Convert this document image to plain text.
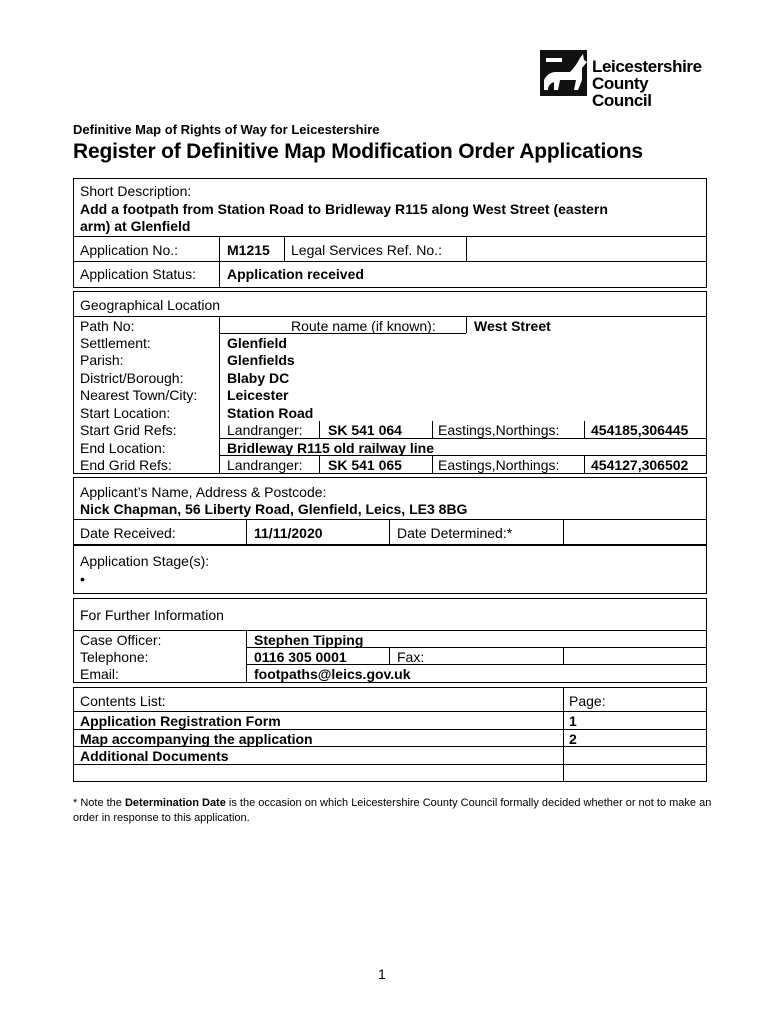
Leicestershire
County Council
Definitive Map of Rights of Way for Leicestershire
Register of Definitive Map Modification Order Applications
Short Description:
Add a footpath from Station Road to Bridleway R115 along West Street (eastern
arm) at Glenfield
Application No.:	M1215 Legal Services Ref. No.:
Application Status: Application received
Geographical Location
Path No:	Route name (if known):	West Street
Settlement:	Glenfield
Parish:	Glenfields
District/Borough:	Blaby DC
Nearest Town/City: Leicester
Start Location:	Station Road
Start Grid Refs:	Landranger: SK 541 064	Eastings,Northings: 454185,306445
End Location:	Bridleway R115 old railway line
End Grid Refs:	Landranger: SK 541 065	Eastings,Northings: 454127,306502
Applicant’s Name, Address & Postcode:
Nick Chapman, 56 Liberty Road, Glenfield, Leics, LE3 8BG
Date Received:	11/11/2020	Date Determined:*
Application Stage(s):
•
For Further Information
Case Officer:	Stephen Tipping
Telephone:	0116 305 0001	Fax:
Email:	footpaths@leics.gov.uk
Contents List:	Page:
Application Registration Form	1
Map accompanying the application	2
Additional Documents
* Note the Determination Date is the occasion on which Leicestershire County Council formally decided whether or not to make an order in response to this application.
1
